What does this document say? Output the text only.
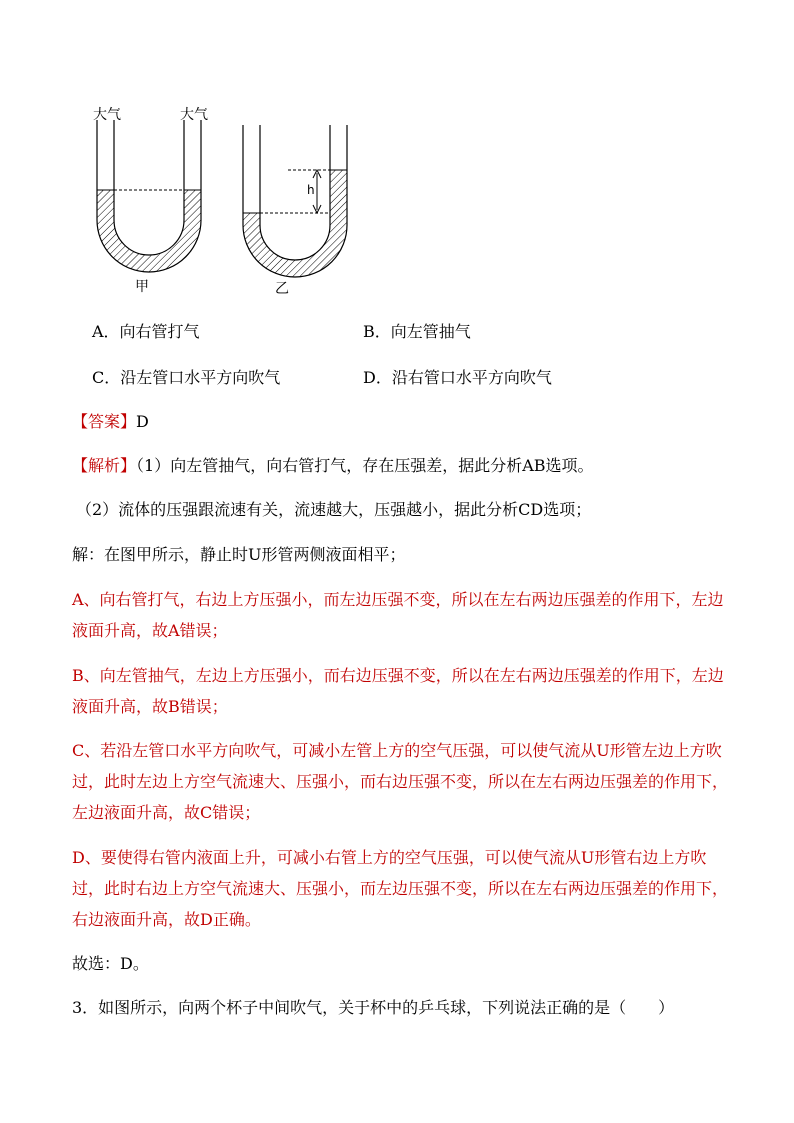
大气	大气
h
甲	乙
A．向右管打气	B．向左管抽气
C．沿左管口水平方向吹气	D．沿右管口水平方向吹气
【答案】D
【解析】（1）向左管抽气，向右管打气，存在压强差，据此分析AB选项。
（2）流体的压强跟流速有关，流速越大，压强越小，据此分析CD选项；
解：在图甲所示，静止时U形管两侧液面相平；
A、向右管打气，右边上方压强小，而左边压强不变，所以在左右两边压强差的作用下，左边液面升高，故A错误；
B、向左管抽气，左边上方压强小，而右边压强不变，所以在左右两边压强差的作用下，左边液面升高，故B错误；
C、若沿左管口水平方向吹气，可减小左管上方的空气压强，可以使气流从U形管左边上方吹过，此时左边上方空气流速大、压强小，而右边压强不变，所以在左右两边压强差的作用下，左边液面升高，故C错误；
D、要使得右管内液面上升，可减小右管上方的空气压强，可以使气流从U形管右边上方吹过，此时右边上方空气流速大、压强小，而左边压强不变，所以在左右两边压强差的作用下，右边液面升高，故D正确。
故选：D。
3．如图所示，向两个杯子中间吹气，关于杯中的乒乓球，下列说法正确的是（　　）
